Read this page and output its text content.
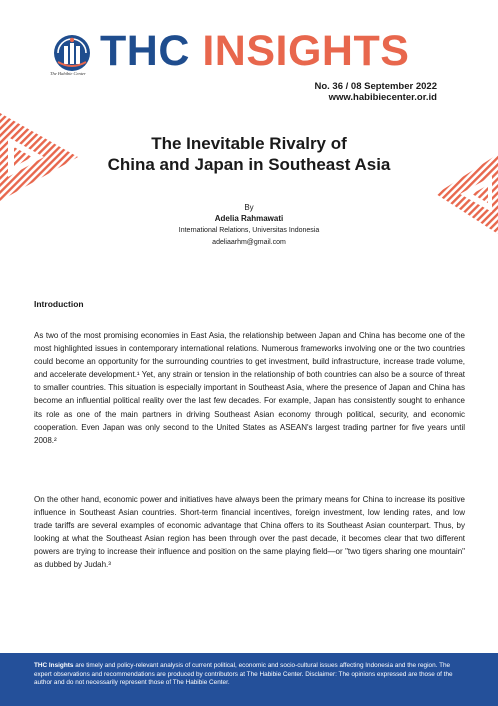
The Habibie Center THC INSIGHTS
No. 36 / 08 September 2022
www.habibiecenter.or.id
The Inevitable Rivalry of
China and Japan in Southeast Asia
By
Adelia Rahmawati
International Relations, Universitas Indonesia
adeliaarhm@gmail.com
Introduction
As two of the most promising economies in East Asia, the relationship between Japan and China has become one of the most highlighted issues in contemporary international relations. Numerous frameworks involving one or the two countries could become an opportunity for the surrounding countries to get investment, build infrastructure, increase trade volume, and accelerate development.¹ Yet, any strain or tension in the relationship of both countries can also be a source of threat to smaller countries. This situation is especially important in Southeast Asia, where the presence of Japan and China has become an influential political reality over the last few decades. For example, Japan has consistently sought to enhance its role as one of the main partners in driving Southeast Asian economy through political, security, and economic cooperation. Even Japan was only second to the United States as ASEAN's largest trading partner for five years until 2008.²
On the other hand, economic power and initiatives have always been the primary means for China to increase its positive influence in Southeast Asian countries. Short-term financial incentives, foreign investment, low lending rates, and low trade tariffs are several examples of economic advantage that China offers to its Southeast Asian counterpart. Thus, by looking at what the Southeast Asian region has been through over the past decade, it becomes clear that two different powers are trying to increase their influence and position on the same playing field—or "two tigers sharing one mountain" as dubbed by Judah.³
THC Insights are timely and policy-relevant analysis of current political, economic and socio-cultural issues affecting Indonesia and the region. The expert observations and recommendations are produced by contributors at The Habibie Center. Disclaimer: The opinions expressed are those of the author and do not necessarily represent those of The Habibie Center.
